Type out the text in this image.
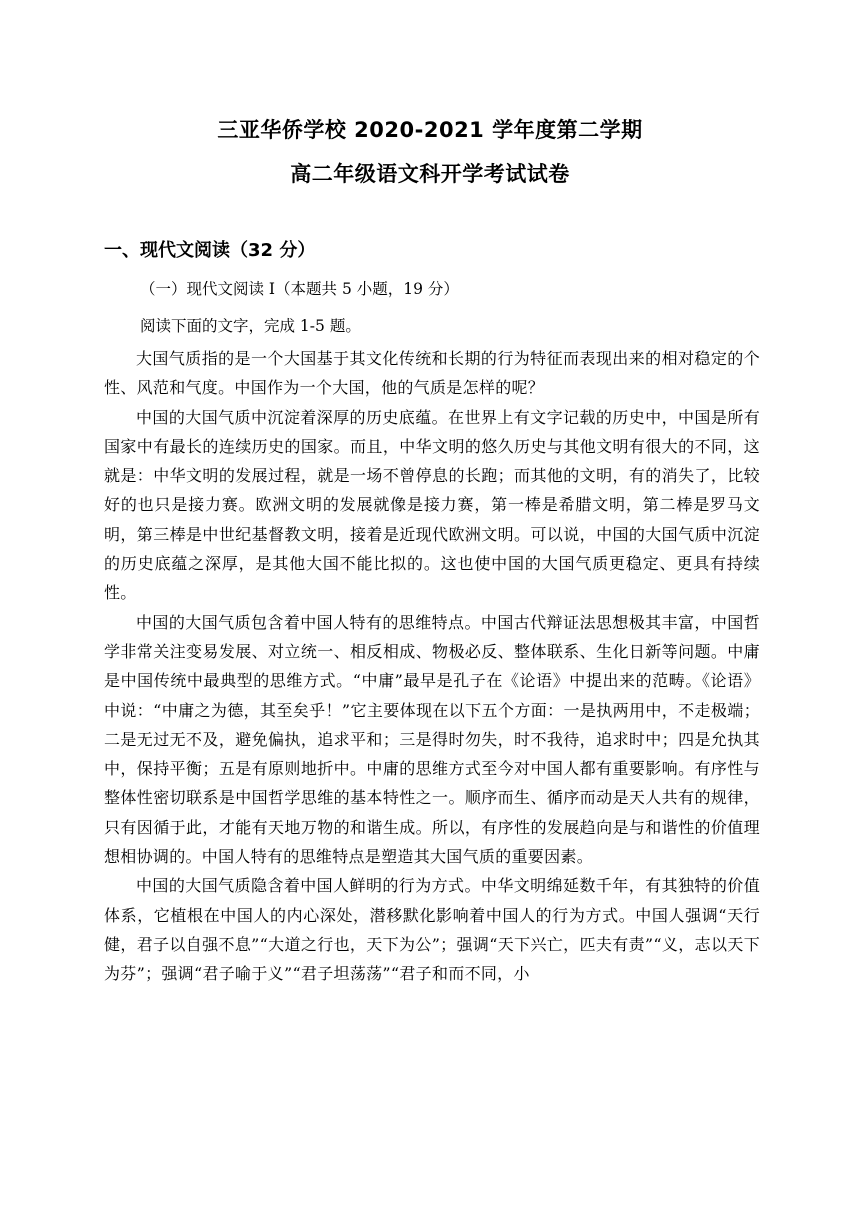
三亚华侨学校 2020-2021 学年度第二学期
高二年级语文科开学考试试卷
一、现代文阅读（32 分）
（一）现代文阅读 I（本题共 5 小题，19 分）
阅读下面的文字，完成 1-5 题。

大国气质指的是一个大国基于其文化传统和长期的行为特征而表现出来的相对稳定的个性、风范和气度。中国作为一个大国，他的气质是怎样的呢？

中国的大国气质中沉淀着深厚的历史底蕴。在世界上有文字记载的历史中，中国是所有国家中有最长的连续历史的国家。而且，中华文明的悠久历史与其他文明有很大的不同，这就是：中华文明的发展过程，就是一场不曾停息的长跑；而其他的文明，有的消失了，比较好的也只是接力赛。欧洲文明的发展就像是接力赛，第一棒是希腊文明，第二棒是罗马文明，第三棒是中世纪基督教文明，接着是近现代欧洲文明。可以说，中国的大国气质中沉淀的历史底蕴之深厚，是其他大国不能比拟的。这也使中国的大国气质更稳定、更具有持续性。

中国的大国气质包含着中国人特有的思维特点。中国古代辩证法思想极其丰富，中国哲学非常关注变易发展、对立统一、相反相成、物极必反、整体联系、生化日新等问题。中庸是中国传统中最典型的思维方式。“中庸”最早是孔子在《论语》中提出来的范畴。《论语》中说：“中庸之为德，其至矣乎！”它主要体现在以下五个方面：一是执两用中，不走极端；二是无过无不及，避免偏执，追求平和；三是得时勿失，时不我待，追求时中；四是允执其中，保持平衡；五是有原则地折中。中庸的思维方式至今对中国人都有重要影响。有序性与整体性密切联系是中国哲学思维的基本特性之一。顺序而生、循序而动是天人共有的规律，只有因循于此，才能有天地万物的和谐生成。所以，有序性的发展趋向是与和谐性的价值理想相协调的。中国人特有的思维特点是塑造其大国气质的重要因素。

中国的大国气质隐含着中国人鲜明的行为方式。中华文明绵延数千年，有其独特的价值体系，它植根在中国人的内心深处，潜移默化影响着中国人的行为方式。中国人强调“天行健，君子以自强不息”“大道之行也，天下为公”；强调“天下兴亡，匹夫有责”“义，志以天下为芬”；强调“君子喻于义”“君子坦荡荡”“君子和而不同，小
